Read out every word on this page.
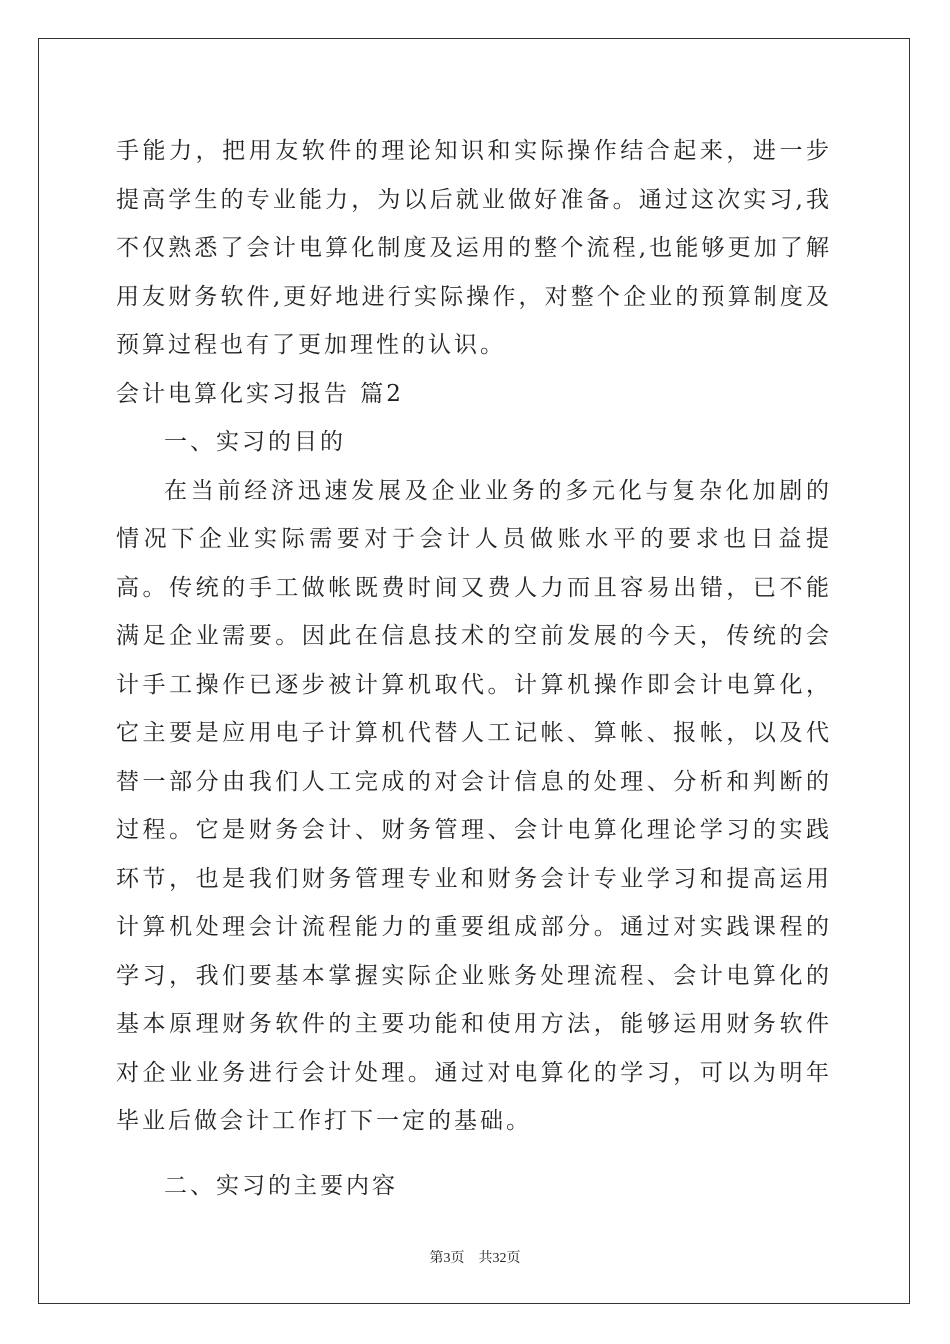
手能力，把用友软件的理论知识和实际操作结合起来，进一步提高学生的专业能力，为以后就业做好准备。通过这次实习,我不仅熟悉了会计电算化制度及运用的整个流程,也能够更加了解用友财务软件,更好地进行实际操作，对整个企业的预算制度及预算过程也有了更加理性的认识。

会计电算化实习报告 篇2

一、实习的目的

在当前经济迅速发展及企业业务的多元化与复杂化加剧的情况下企业实际需要对于会计人员做账水平的要求也日益提高。传统的手工做帐既费时间又费人力而且容易出错，已不能满足企业需要。因此在信息技术的空前发展的今天，传统的会计手工操作已逐步被计算机取代。计算机操作即会计电算化，它主要是应用电子计算机代替人工记帐、算帐、报帐，以及代替一部分由我们人工完成的对会计信息的处理、分析和判断的过程。它是财务会计、财务管理、会计电算化理论学习的实践环节，也是我们财务管理专业和财务会计专业学习和提高运用计算机处理会计流程能力的重要组成部分。通过对实践课程的学习，我们要基本掌握实际企业账务处理流程、会计电算化的基本原理财务软件的主要功能和使用方法，能够运用财务软件对企业业务进行会计处理。通过对电算化的学习，可以为明年毕业后做会计工作打下一定的基础。

二、实习的主要内容

第3页 共32页
